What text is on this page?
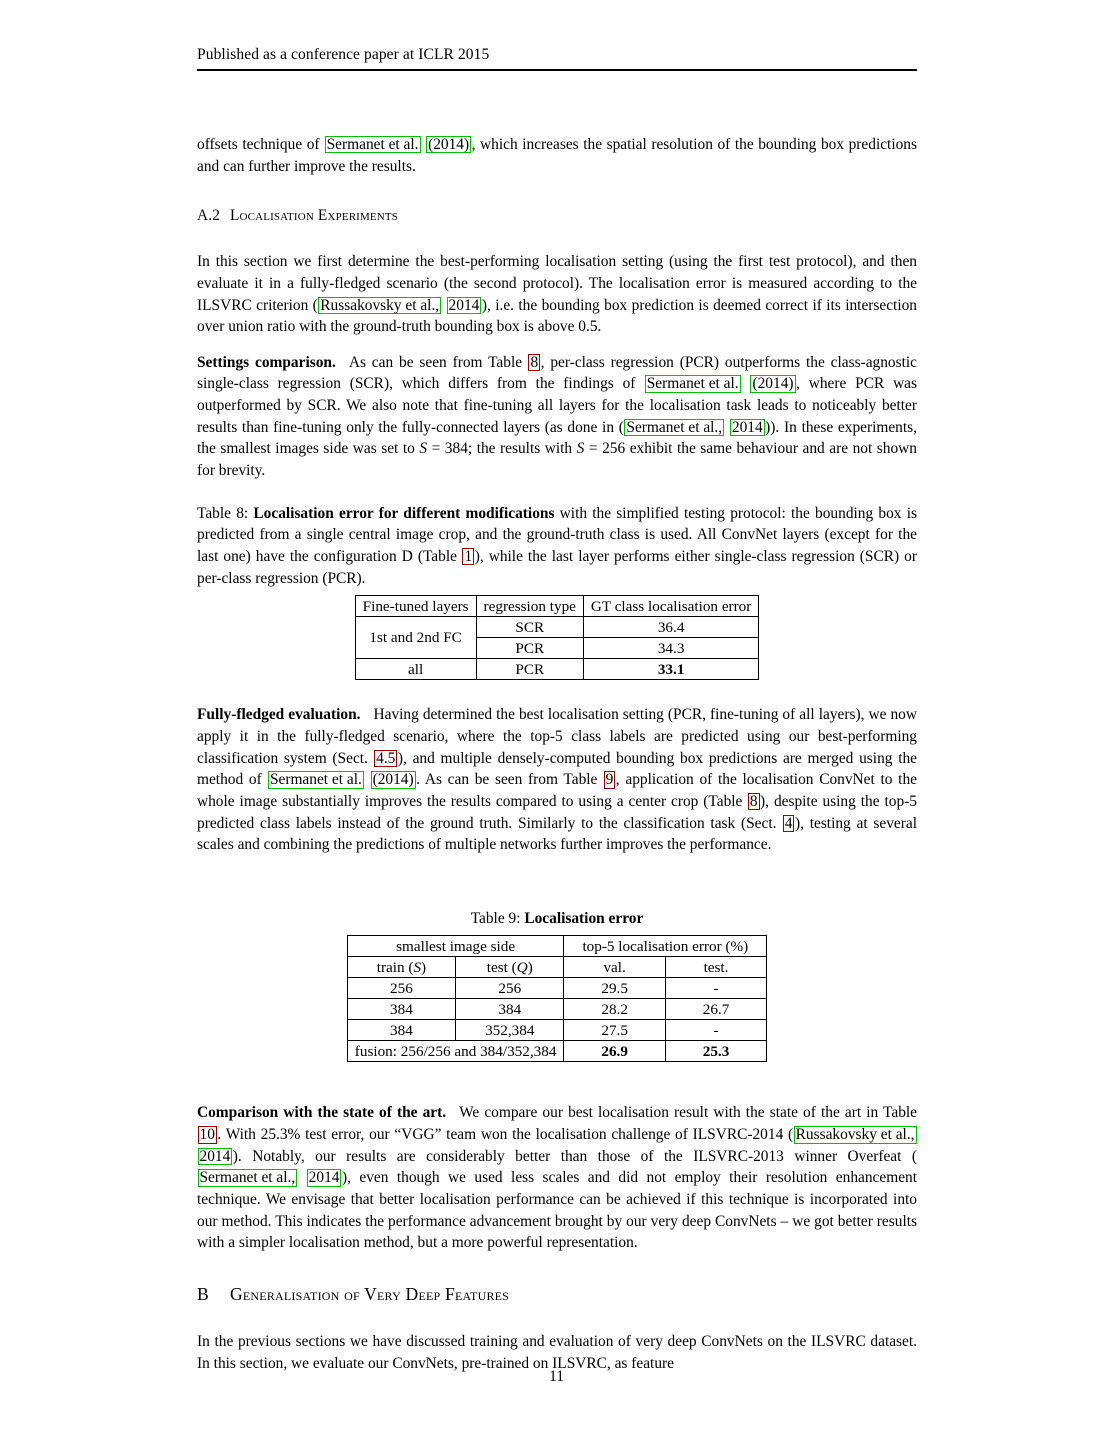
Published as a conference paper at ICLR 2015

offsets technique of Sermanet et al. (2014) , which increases the spatial resolution of the bounding box predictions and can further improve the results.

A.2 Localisation Experiments

In this section we first determine the best-performing localisation setting (using the first test protocol), and then evaluate it in a fully-fledged scenario (the second protocol). The localisation error is measured according to the ILSVRC criterion ( Russakovsky et al., 2014 ), i.e. the bounding box prediction is deemed correct if its intersection over union ratio with the ground-truth bounding box is above 0.5.

Settings comparison. As can be seen from Table 8 , per-class regression (PCR) outperforms the class-agnostic single-class regression (SCR), which differs from the findings of Sermanet et al. (2014) , where PCR was outperformed by SCR. We also note that fine-tuning all layers for the localisation task leads to noticeably better results than fine-tuning only the fully-connected layers (as done in ( Sermanet et al., 2014 )). In these experiments, the smallest images side was set to S = 384; the results with S = 256 exhibit the same behaviour and are not shown for brevity.

Table 8: Localisation error for different modifications with the simplified testing protocol: the bounding box is predicted from a single central image crop, and the ground-truth class is used. All ConvNet layers (except for the last one) have the configuration D (Table 1 ), while the last layer performs either single-class regression (SCR) or per-class regression (PCR).

Fine-tuned layers	regression type	GT class localisation error
1st and 2nd FC	SCR	36.4
	PCR	34.3
all	PCR	33.1

Fully-fledged evaluation. Having determined the best localisation setting (PCR, fine-tuning of all layers), we now apply it in the fully-fledged scenario, where the top-5 class labels are predicted using our best-performing classification system (Sect. 4.5 ), and multiple densely-computed bounding box predictions are merged using the method of Sermanet et al. (2014) . As can be seen from Table 9 , application of the localisation ConvNet to the whole image substantially improves the results compared to using a center crop (Table 8 ), despite using the top-5 predicted class labels instead of the ground truth. Similarly to the classification task (Sect. 4 ), testing at several scales and combining the predictions of multiple networks further improves the performance.

Table 9: Localisation error

smallest image side		top-5 localisation error (%)	
train (S)	test (Q)	val.	test.
256	256	29.5	-
384	384	28.2	26.7
384	352,384	27.5	-
fusion: 256/256 and 384/352,384		26.9	25.3

Comparison with the state of the art. We compare our best localisation result with the state of the art in Table 10 . With 25.3% test error, our “VGG” team won the localisation challenge of ILSVRC-2014 ( Russakovsky et al., 2014 ). Notably, our results are considerably better than those of the ILSVRC-2013 winner Overfeat (Sermanet et al., 2014 ), even though we used less scales and did not employ their resolution enhancement technique. We envisage that better localisation performance can be achieved if this technique is incorporated into our method. This indicates the performance advancement brought by our very deep ConvNets – we got better results with a simpler localisation method, but a more powerful representation.

B Generalisation of Very Deep Features

In the previous sections we have discussed training and evaluation of very deep ConvNets on the ILSVRC dataset. In this section, we evaluate our ConvNets, pre-trained on ILSVRC, as feature

11
